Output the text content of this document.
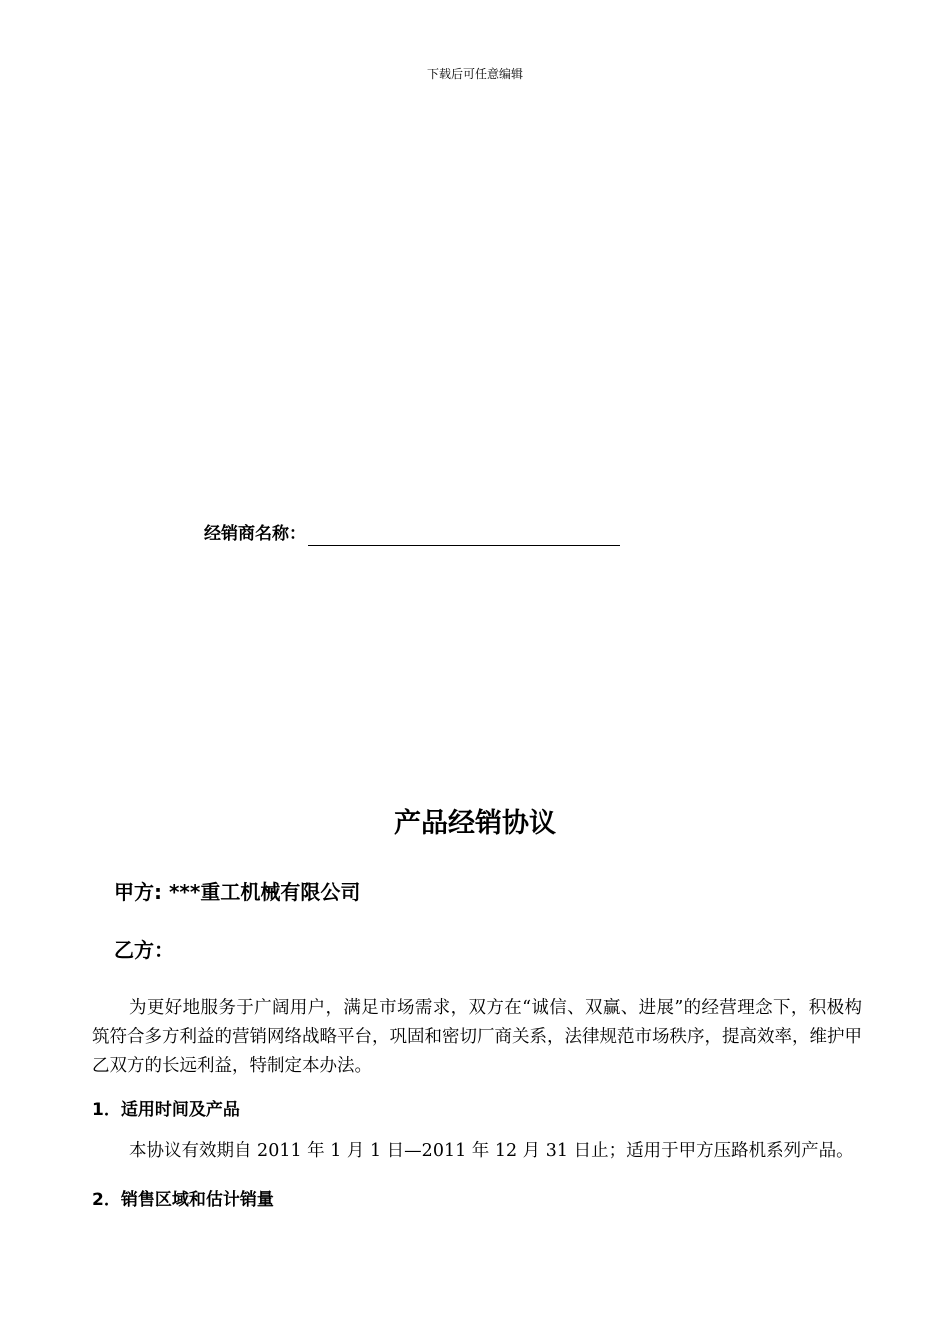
下载后可任意编辑
经销商名称：
产品经销协议
甲方: ***重工机械有限公司
乙方：

为更好地服务于广阔用户，满足市场需求，双方在“诚信、双赢、进展”的经营理念下，积极构筑符合多方利益的营销网络战略平台，巩固和密切厂商关系，法律规范市场秩序，提高效率，维护甲乙双方的长远利益，特制定本办法。

1．适用时间及产品
本协议有效期自 2011 年 1 月 1 日—2011 年 12 月 31 日止；适用于甲方压路机系列产品。
2．销售区域和估计销量
